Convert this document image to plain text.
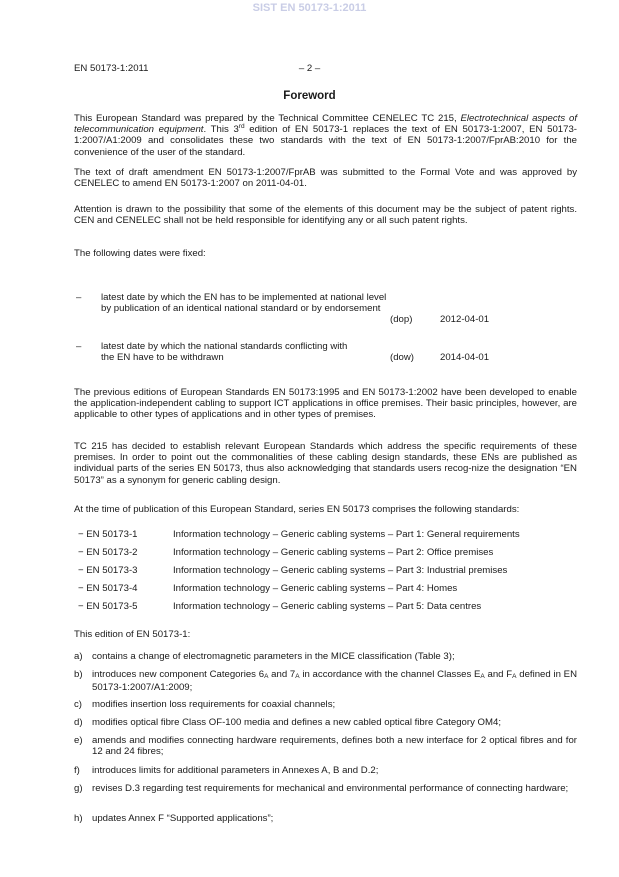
SIST EN 50173-1:2011
EN 50173-1:2011	– 2 –
Foreword
This European Standard was prepared by the Technical Committee CENELEC TC 215, Electrotechnical aspects of telecommunication equipment. This 3rd edition of EN 50173-1 replaces the text of EN 50173-1:2007, EN 50173-1:2007/A1:2009 and consolidates these two standards with the text of EN 50173-1:2007/FprAB:2010 for the convenience of the user of the standard.
The text of draft amendment EN 50173-1:2007/FprAB was submitted to the Formal Vote and was approved by CENELEC to amend EN 50173-1:2007 on 2011-04-01.
Attention is drawn to the possibility that some of the elements of this document may be the subject of patent rights. CEN and CENELEC shall not be held responsible for identifying any or all such patent rights.
The following dates were fixed:
– latest date by which the EN has to be implemented at national level by publication of an identical national standard or by endorsement
(dop)	2012-04-01
– latest date by which the national standards conflicting with the EN have to be withdrawn	(dow)	2014-04-01
The previous editions of European Standards EN 50173:1995 and EN 50173-1:2002 have been developed to enable the application-independent cabling to support ICT applications in office premises. Their basic principles, however, are applicable to other types of applications and in other types of premises.
TC 215 has decided to establish relevant European Standards which address the specific requirements of these premises. In order to point out the commonalities of these cabling design standards, these ENs are published as individual parts of the series EN 50173, thus also acknowledging that standards users recog-nize the designation “EN 50173” as a synonym for generic cabling design.
At the time of publication of this European Standard, series EN 50173 comprises the following standards:
− EN 50173-1	Information technology – Generic cabling systems – Part 1: General requirements
− EN 50173-2	Information technology – Generic cabling systems – Part 2: Office premises
− EN 50173-3	Information technology – Generic cabling systems – Part 3: Industrial premises
− EN 50173-4	Information technology – Generic cabling systems – Part 4: Homes
− EN 50173-5	Information technology – Generic cabling systems – Part 5: Data centres
This edition of EN 50173-1:
a) contains a change of electromagnetic parameters in the MICE classification (Table 3);
b) introduces new component Categories $6_A$ and $7_A$ in accordance with the channel Classes $E_A$ and $F_A$ defined in EN 50173-1:2007/A1:2009;
c) modifies insertion loss requirements for coaxial channels;
d) modifies optical fibre Class OF-100 media and defines a new cabled optical fibre Category OM4;
e) amends and modifies connecting hardware requirements, defines both a new interface for 2 optical fibres and for 12 and 24 fibres;
f) introduces limits for additional parameters in Annexes A, B and D.2;
g) revises D.3 regarding test requirements for mechanical and environmental performance of connecting hardware;
h) updates Annex F “Supported applications”;
